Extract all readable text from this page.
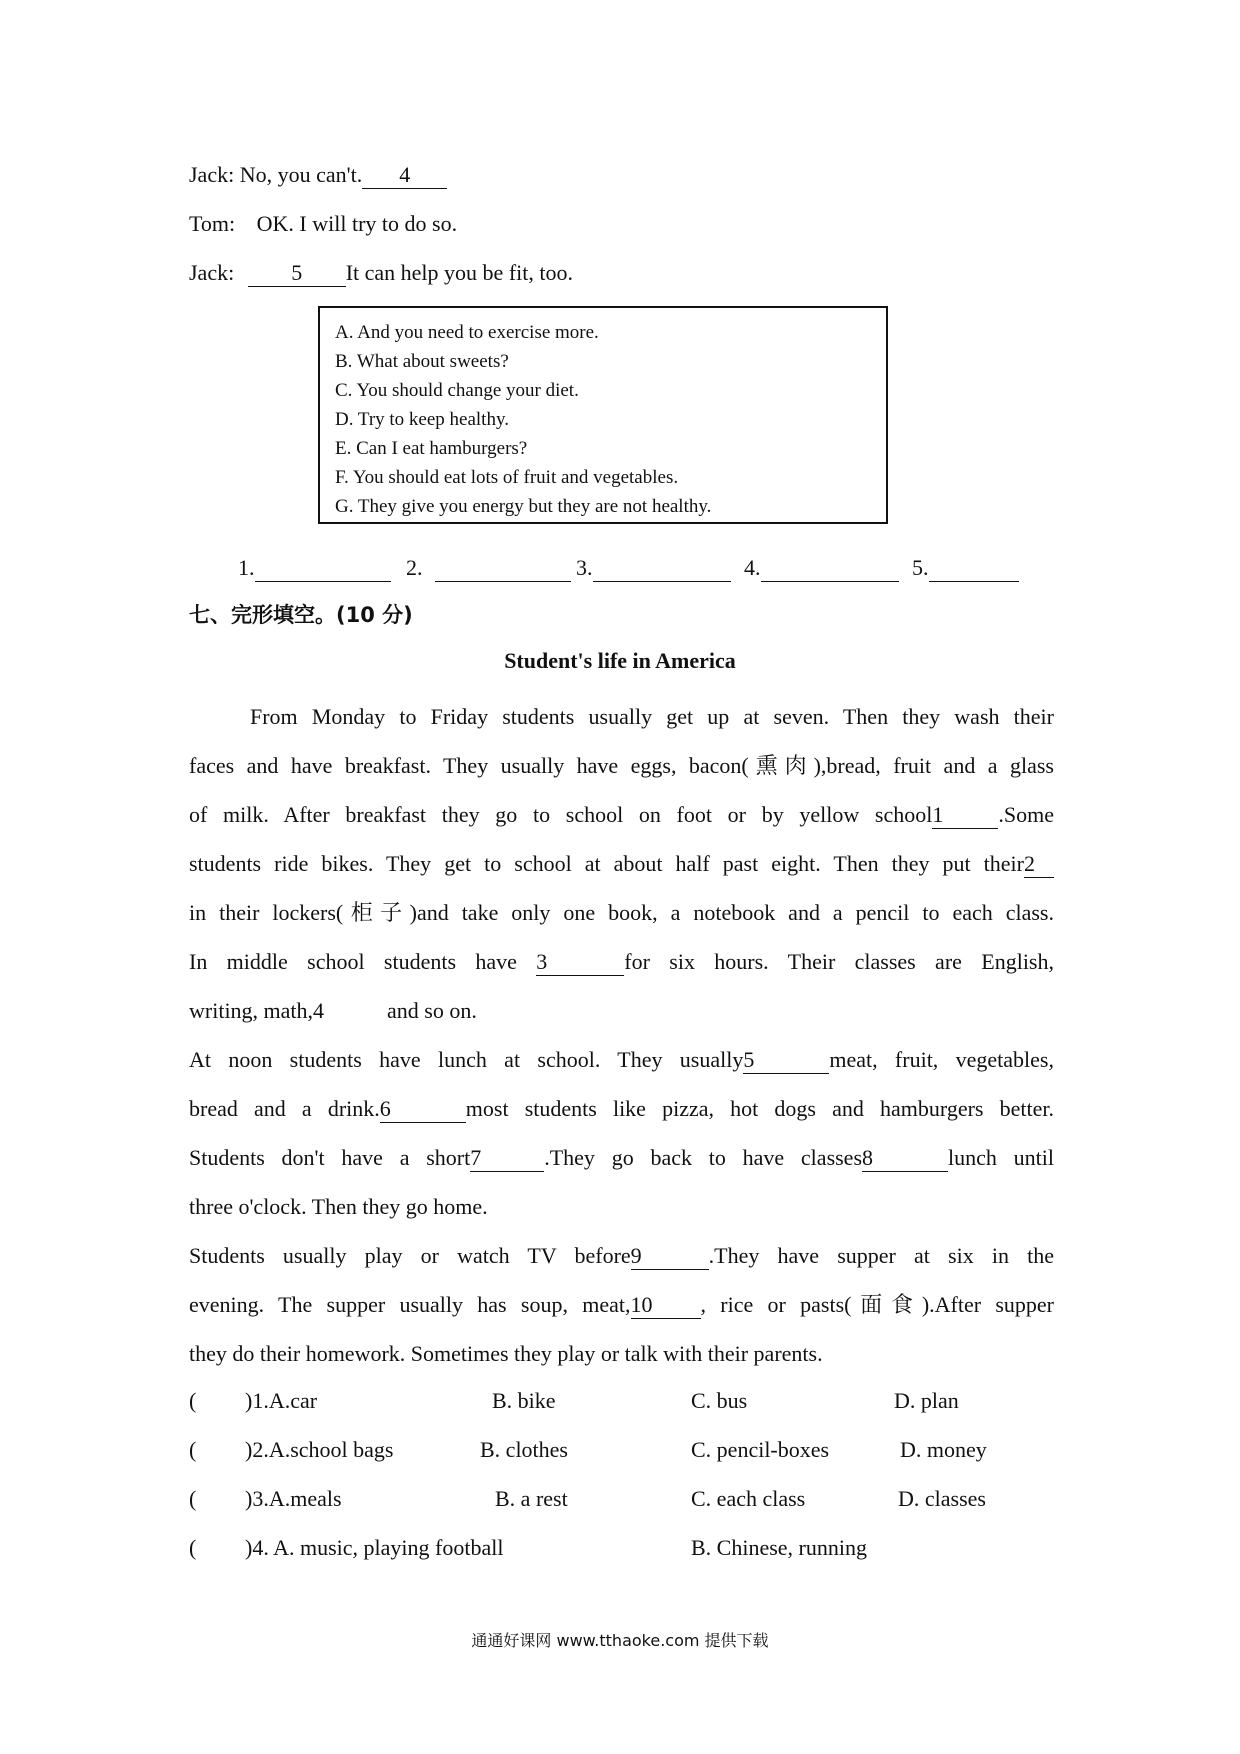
Jack: No, you can't. 4
Tom: OK. I will try to do so.
Jack:	5 It can help you be fit, too.
A. And you need to exercise more.
B. What about sweets?
C. You should change your diet.
D. Try to keep healthy.
E. Can I eat hamburgers?
F. You should eat lots of fruit and vegetables.
G. They give you energy but they are not healthy.
1.	2.	3.	4.	5.
七、完形填空。(10 分)
Student's life in America
From Monday to Friday students usually get up at seven. Then they wash their
faces and have breakfast. They usually have eggs, bacon(熏肉),bread, fruit and a glass
of milk. After breakfast they go to school on foot or by yellow school1	.Some
students ride bikes. They get to school at about half past eight. Then they put their2
in their lockers(柜子)and take only one book, a notebook and a pencil to each class.
In middle school students have 3	for six hours. Their classes are English,
writing, math,4	and so on.
At noon students have lunch at school. They usually5	meat, fruit, vegetables,
bread and a drink.6	most students like pizza, hot dogs and hamburgers better.
Students don't have a short7	.They go back to have classes8	lunch until
three o'clock. Then they go home.
Students usually play or watch TV before9	.They have supper at six in the
evening. The supper usually has soup, meat,10 , rice or pasts(面食).After supper
they do their homework. Sometimes they play or talk with their parents.
( )1.A.car	B. bike	C. bus	D. plan
( )2.A.school bags	B. clothes	C. pencil-boxes	D. money
( )3.A.meals	B. a rest	C. each class	D. classes
( )4. A. music, playing football	B. Chinese, running
通通好课网 www.tthaoke.com 提供下载
